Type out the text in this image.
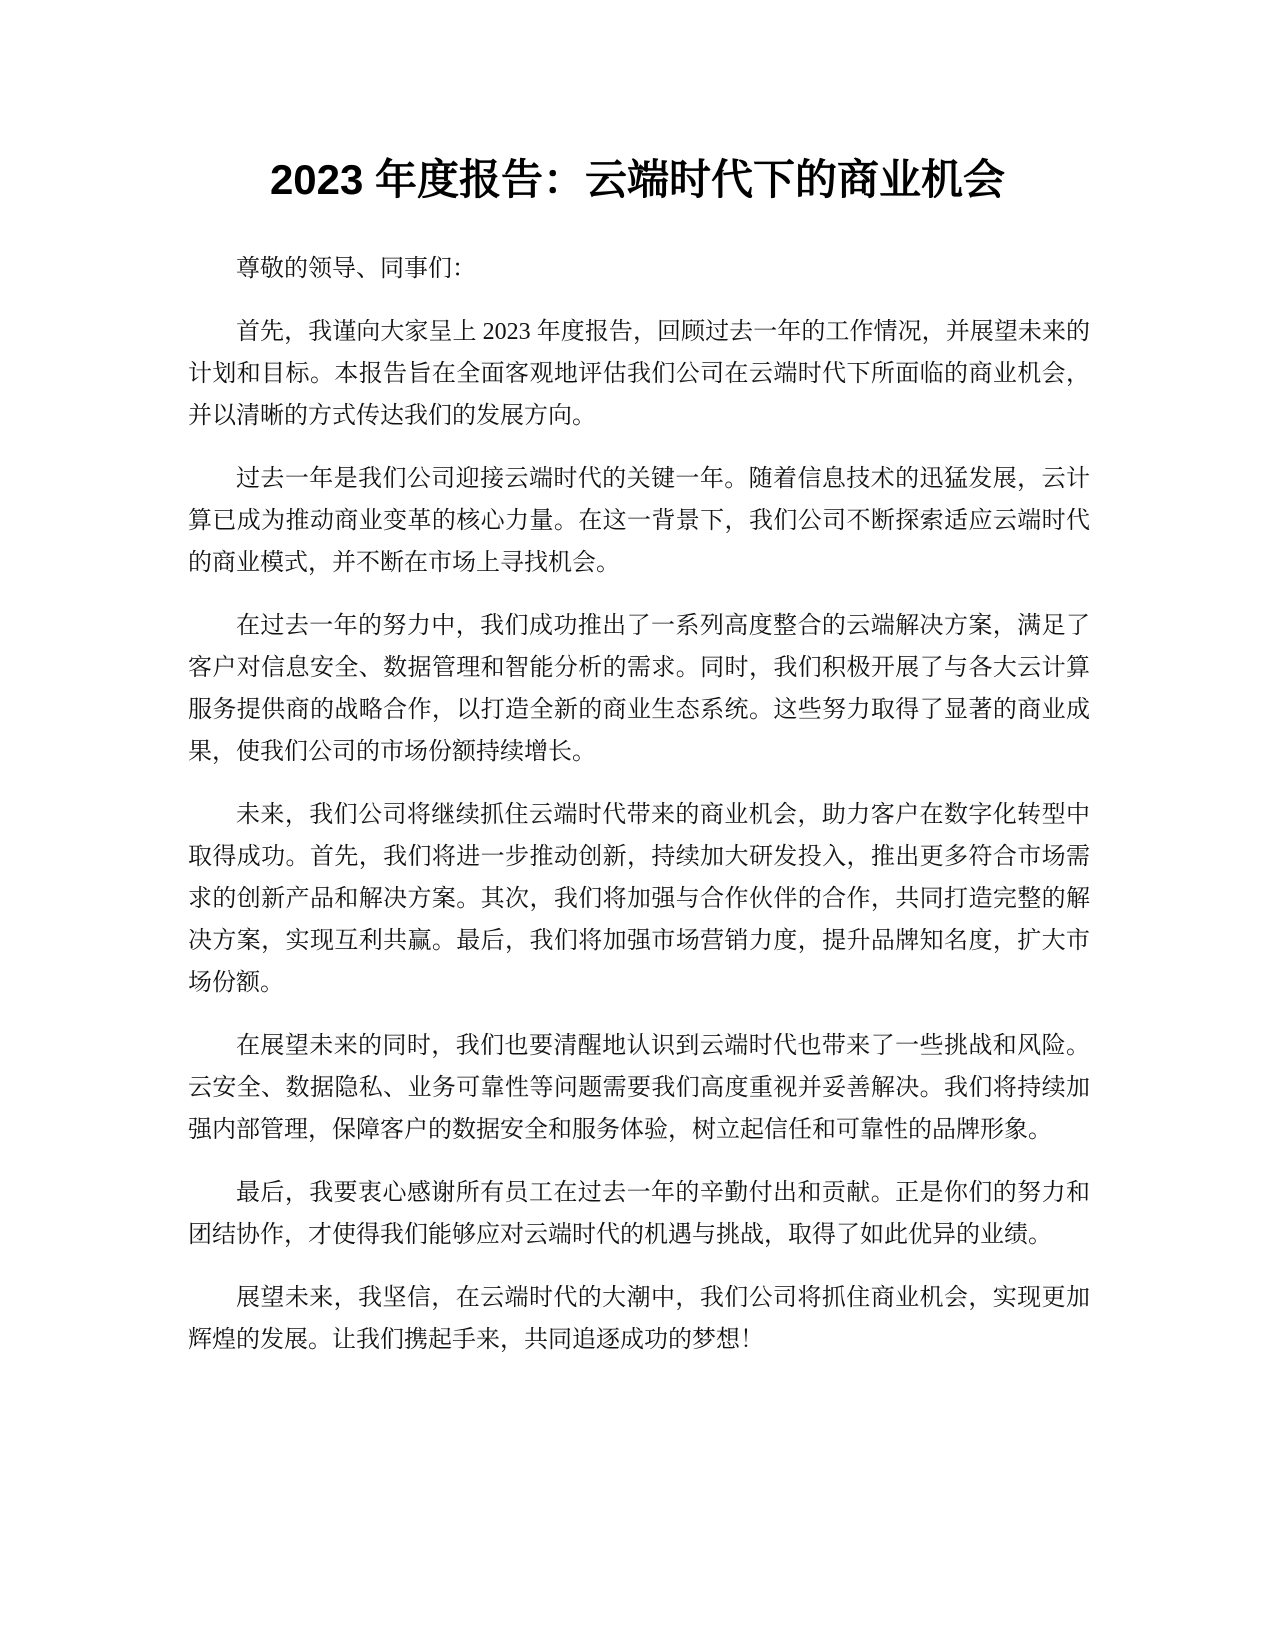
2023 年度报告：云端时代下的商业机会

尊敬的领导、同事们：

首先，我谨向大家呈上 2023 年度报告，回顾过去一年的工作情况，并展望未来的计划和目标。本报告旨在全面客观地评估我们公司在云端时代下所面临的商业机会，并以清晰的方式传达我们的发展方向。

过去一年是我们公司迎接云端时代的关键一年。随着信息技术的迅猛发展，云计算已成为推动商业变革的核心力量。在这一背景下，我们公司不断探索适应云端时代的商业模式，并不断在市场上寻找机会。

在过去一年的努力中，我们成功推出了一系列高度整合的云端解决方案，满足了客户对信息安全、数据管理和智能分析的需求。同时，我们积极开展了与各大云计算服务提供商的战略合作，以打造全新的商业生态系统。这些努力取得了显著的商业成果，使我们公司的市场份额持续增长。

未来，我们公司将继续抓住云端时代带来的商业机会，助力客户在数字化转型中取得成功。首先，我们将进一步推动创新，持续加大研发投入，推出更多符合市场需求的创新产品和解决方案。其次，我们将加强与合作伙伴的合作，共同打造完整的解决方案，实现互利共赢。最后，我们将加强市场营销力度，提升品牌知名度，扩大市场份额。

在展望未来的同时，我们也要清醒地认识到云端时代也带来了一些挑战和风险。云安全、数据隐私、业务可靠性等问题需要我们高度重视并妥善解决。我们将持续加强内部管理，保障客户的数据安全和服务体验，树立起信任和可靠性的品牌形象。

最后，我要衷心感谢所有员工在过去一年的辛勤付出和贡献。正是你们的努力和团结协作，才使得我们能够应对云端时代的机遇与挑战，取得了如此优异的业绩。

展望未来，我坚信，在云端时代的大潮中，我们公司将抓住商业机会，实现更加辉煌的发展。让我们携起手来，共同追逐成功的梦想！
